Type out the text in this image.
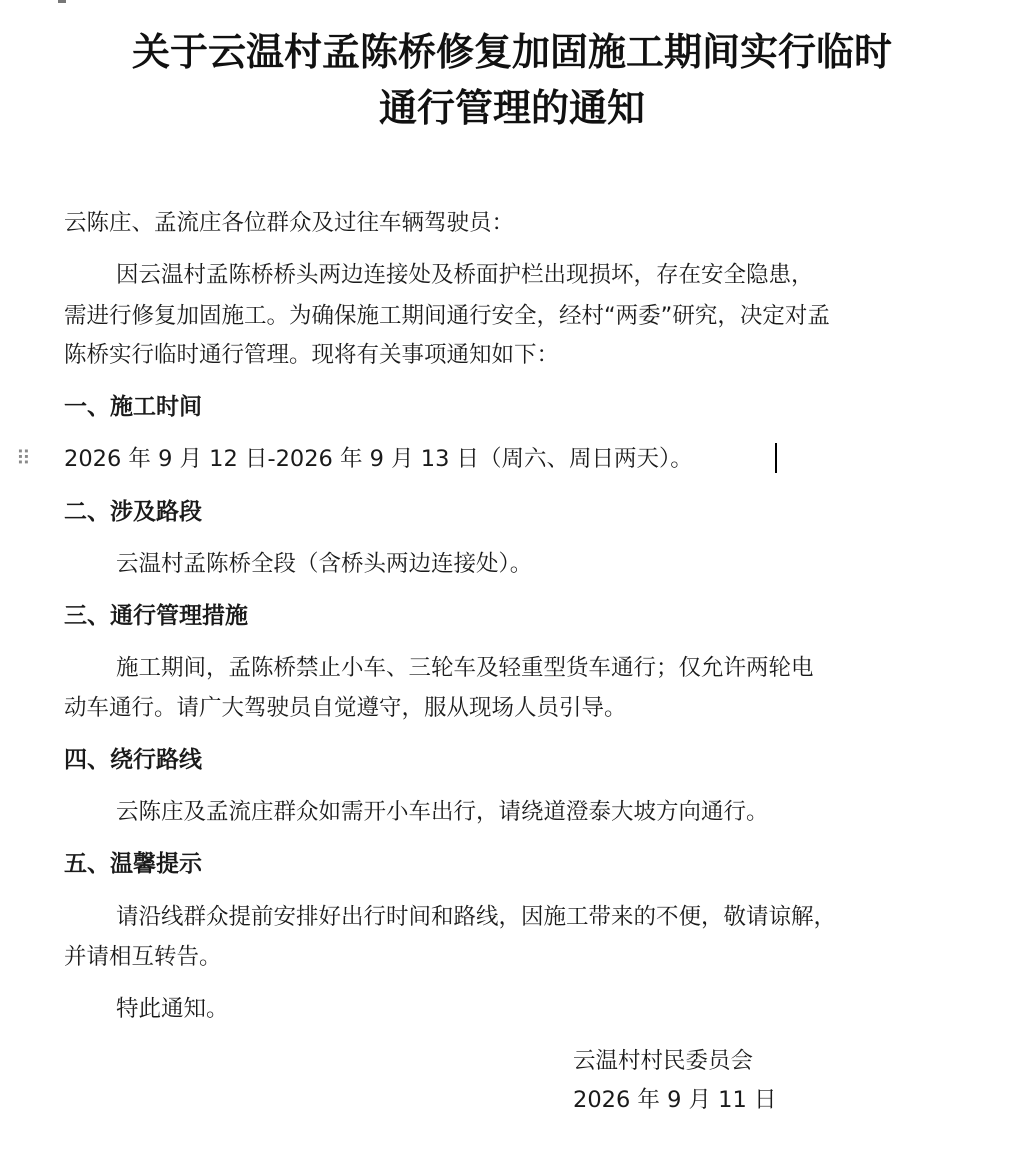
关于云温村孟陈桥修复加固施工期间实行临时
通行管理的通知
云陈庄、孟流庄各位群众及过往车辆驾驶员：
因云温村孟陈桥桥头两边连接处及桥面护栏出现损坏，存在安全隐患，
需进行修复加固施工。为确保施工期间通行安全，经村“两委”研究，决定对孟
陈桥实行临时通行管理。现将有关事项通知如下：
一、施工时间
⠿ 2026 年 9 月 12 日-2026 年 9 月 13 日（周六、周日两天）。
二、涉及路段
云温村孟陈桥全段（含桥头两边连接处）。
三、通行管理措施
施工期间，孟陈桥禁止小车、三轮车及轻重型货车通行；仅允许两轮电
动车通行。请广大驾驶员自觉遵守，服从现场人员引导。
四、绕行路线
云陈庄及孟流庄群众如需开小车出行，请绕道澄泰大坡方向通行。
五、温馨提示
请沿线群众提前安排好出行时间和路线，因施工带来的不便，敬请谅解，
并请相互转告。
特此通知。
云温村村民委员会
2026 年 9 月 11 日
